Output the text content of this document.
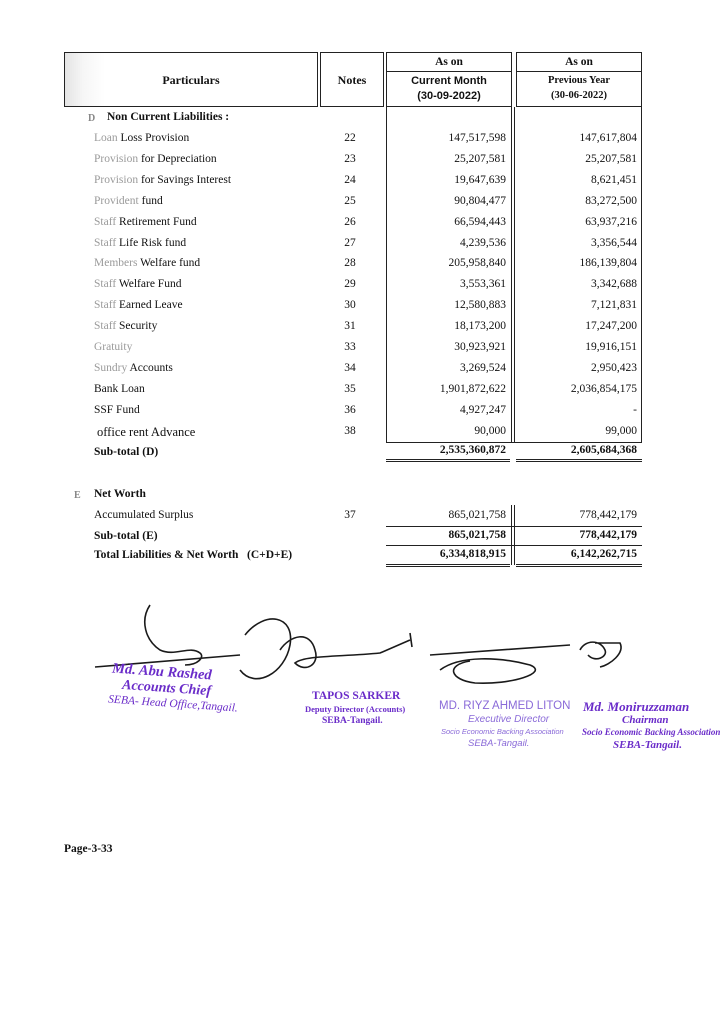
Particulars	Notes
As on
Current Month
(30-09-2022)
As on
Previous Year
(30-06-2022)
D Non Current Liabilities :
Loan Loss Provision	22	147,517,598	147,617,804
Provision for Depreciation	23	25,207,581	25,207,581
Provision for Savings Interest	24	19,647,639	8,621,451
Provident fund	25	90,804,477	83,272,500
Staff Retirement Fund	26	66,594,443	63,937,216
Staff Life Risk fund	27	4,239,536	3,356,544
Members Welfare fund	28	205,958,840	186,139,804
Staff Welfare Fund	29	3,553,361	3,342,688
Staff Earned Leave	30	12,580,883	7,121,831
Staff Security	31	18,173,200	17,247,200
Gratuity	33	30,923,921	19,916,151
Sundry Accounts	34	3,269,524	2,950,423
Bank Loan	35	1,901,872,622	2,036,854,175
SSF Fund	36	4,927,247	-
office rent Advance	38	90,000	99,000
Sub-total (D)	2,535,360,872	2,605,684,368
E Net Worth
Accumulated Surplus	37	865,021,758	778,442,179
Sub-total (E)	865,021,758	778,442,179
Total Liabilities & Net Worth (C+D+E)	6,334,818,915	6,142,262,715
Md. Abu Rashed
Accounts Chief
SEBA- Head Office,Tangail.	TAPOS SARKER
Deputy Director (Accounts)
SEBA-Tangail.
MD. RIYZ AHMED LITON
Executive Director
Socio Economic Backing Association
SEBA-Tangail.
Md. Moniruzzaman
Chairman
Socio Economic Backing Association
SEBA-Tangail.
Page-3-33
